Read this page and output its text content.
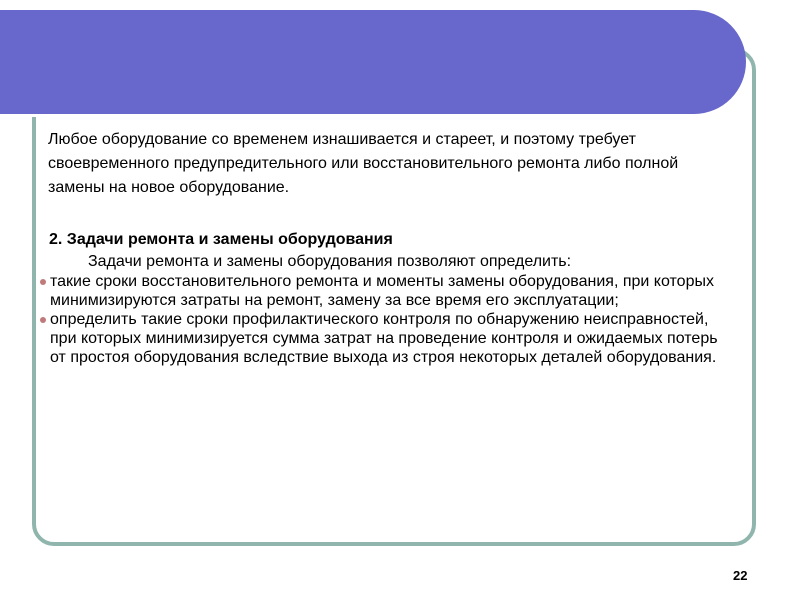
Любое оборудование со временем изнашивается и стареет, и поэтому требует своевременного предупредительного или восстановительного ремонта либо полной замены на новое оборудование.

2. Задачи ремонта и замены оборудования

Задачи ремонта и замены оборудования позволяют определить:

такие сроки восстановительного ремонта и моменты замены оборудования, при которых минимизируются затраты на ремонт, замену за все время его эксплуатации;
определить такие сроки профилактического контроля по обнаружению неисправностей, при которых минимизируется сумма затрат на проведение контроля и ожидаемых потерь от простоя оборудования вследствие выхода из строя некоторых деталей оборудования.
22
